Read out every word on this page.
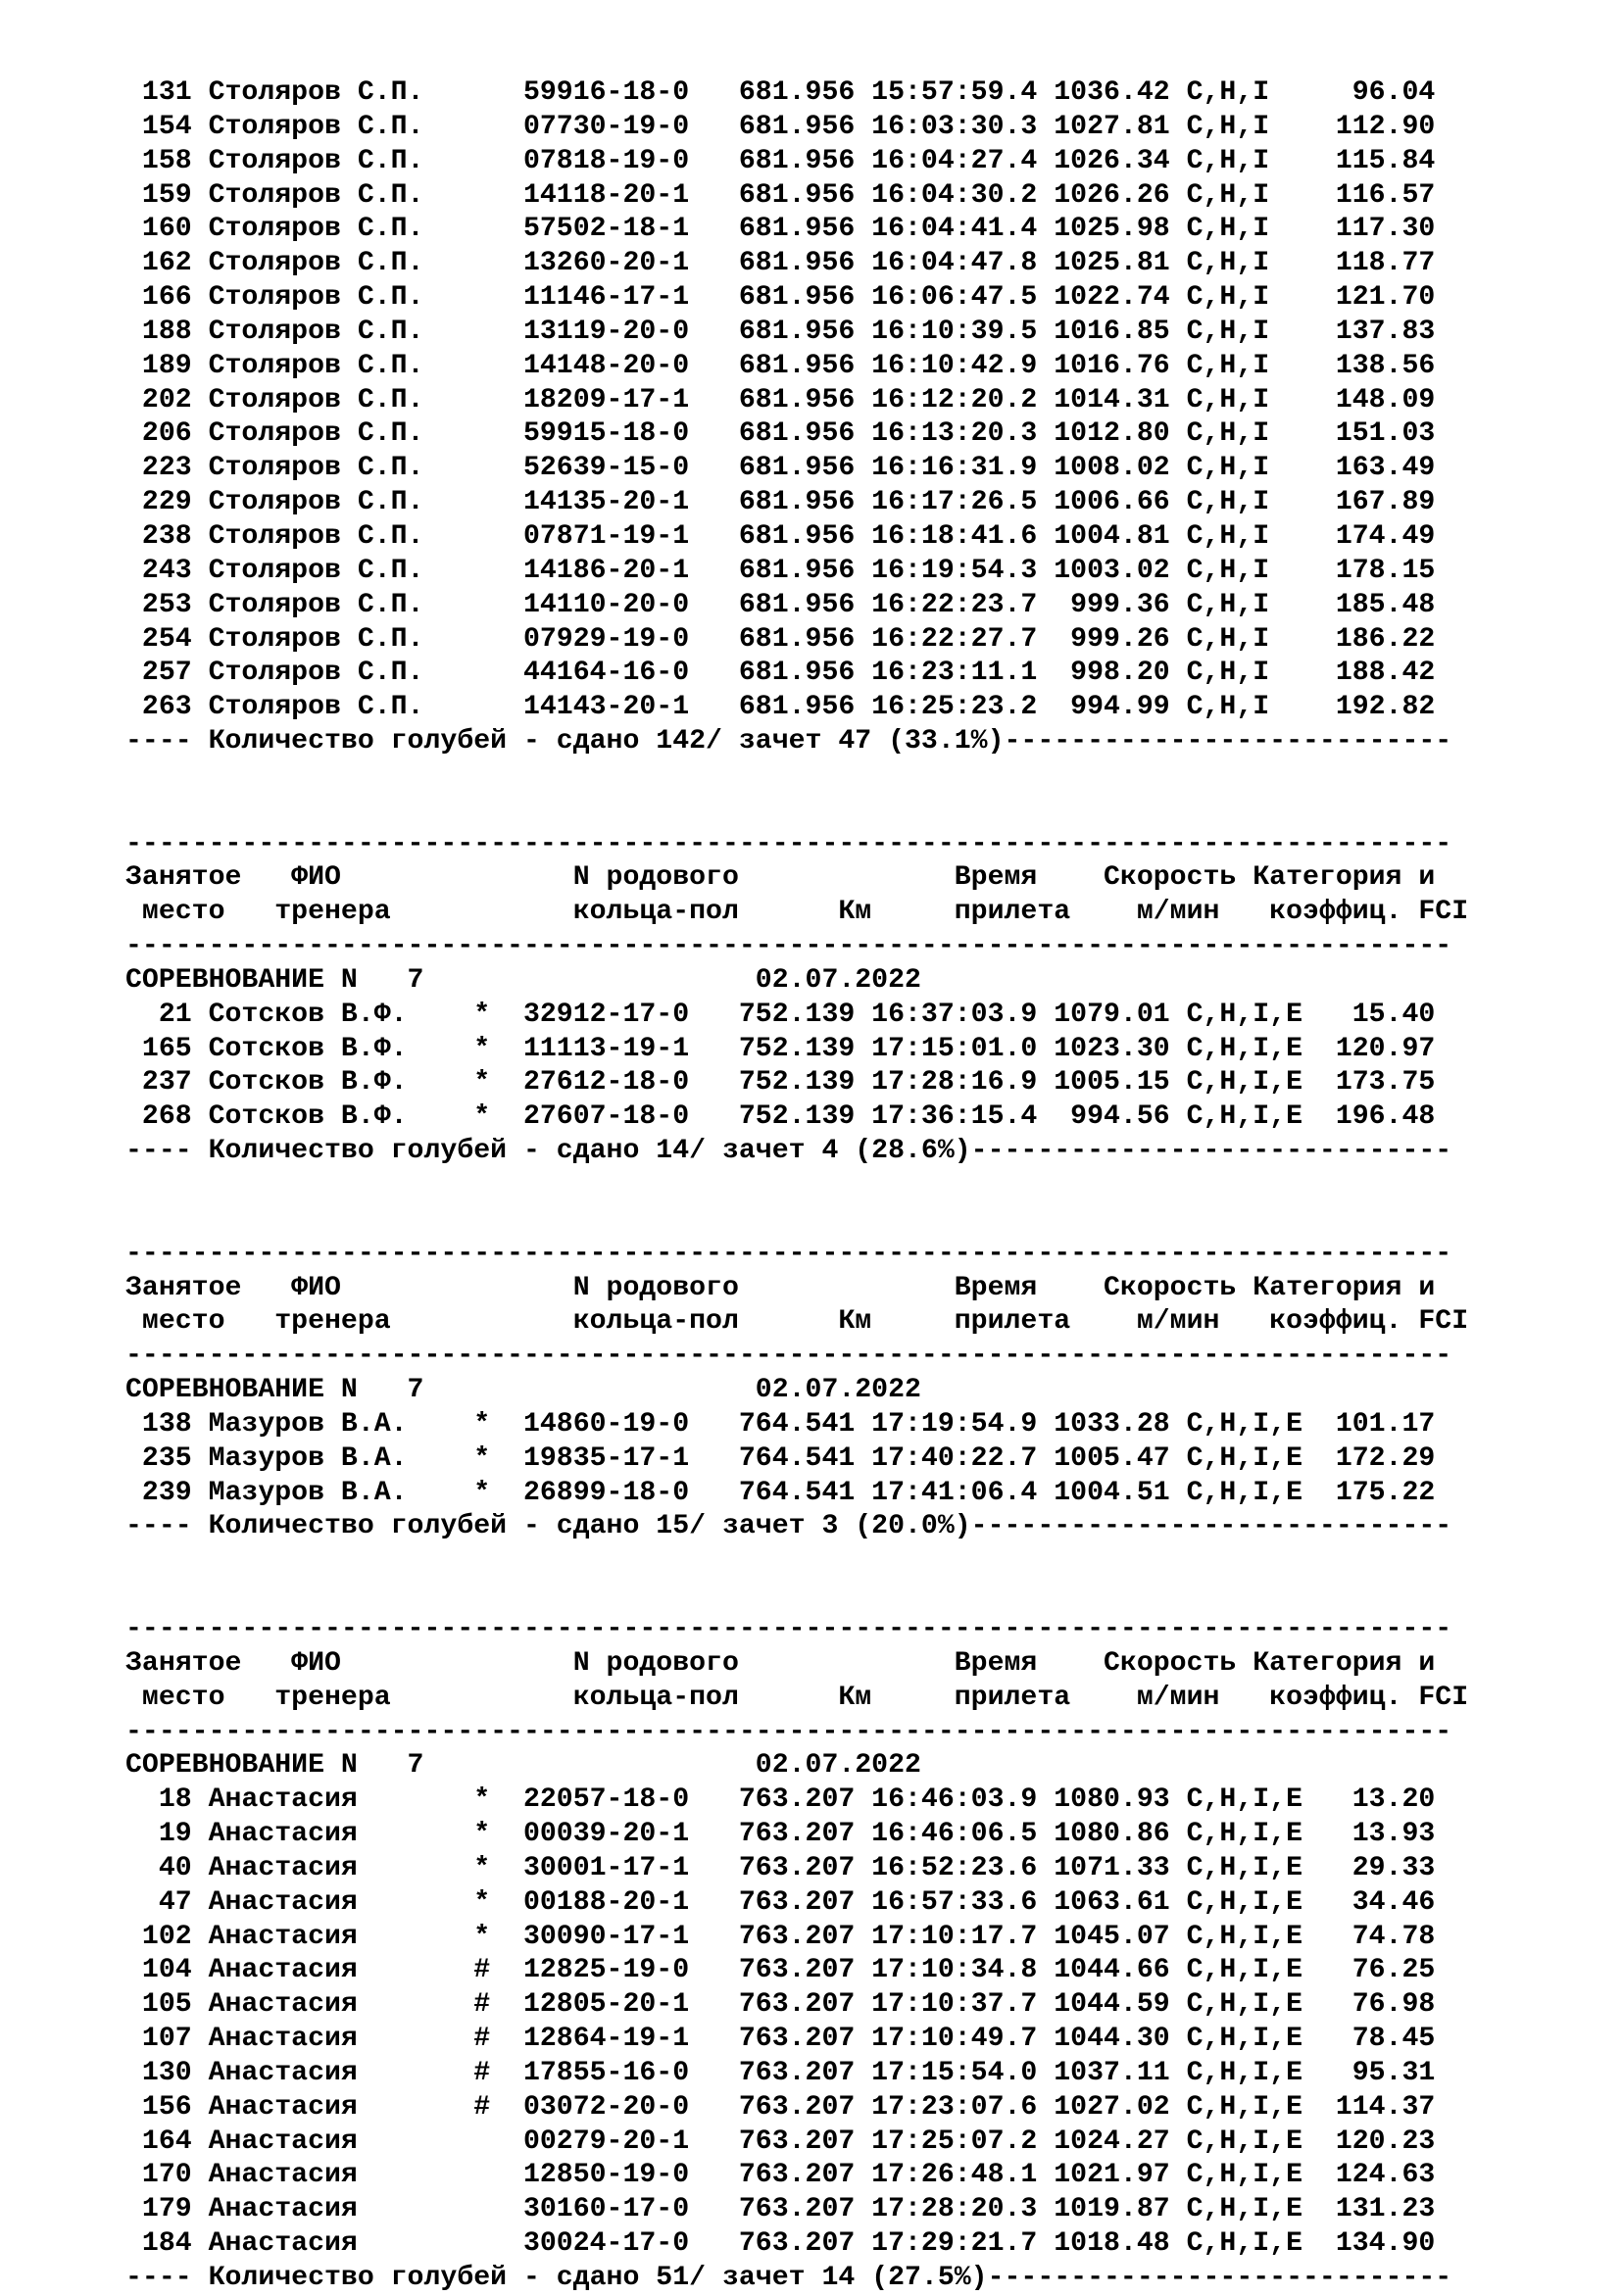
131 Столяров С.П.      59916-18-0   681.956 15:57:59.4 1036.42 C,H,I     96.04
154 Столяров С.П.      07730-19-0   681.956 16:03:30.3 1027.81 C,H,I    112.90
158 Столяров С.П.      07818-19-0   681.956 16:04:27.4 1026.34 C,H,I    115.84
159 Столяров С.П.      14118-20-1   681.956 16:04:30.2 1026.26 C,H,I    116.57
160 Столяров С.П.      57502-18-1   681.956 16:04:41.4 1025.98 C,H,I    117.30
162 Столяров С.П.      13260-20-1   681.956 16:04:47.8 1025.81 C,H,I    118.77
166 Столяров С.П.      11146-17-1   681.956 16:06:47.5 1022.74 C,H,I    121.70
188 Столяров С.П.      13119-20-0   681.956 16:10:39.5 1016.85 C,H,I    137.83
189 Столяров С.П.      14148-20-0   681.956 16:10:42.9 1016.76 C,H,I    138.56
202 Столяров С.П.      18209-17-1   681.956 16:12:20.2 1014.31 C,H,I    148.09
206 Столяров С.П.      59915-18-0   681.956 16:13:20.3 1012.80 C,H,I    151.03
223 Столяров С.П.      52639-15-0   681.956 16:16:31.9 1008.02 C,H,I    163.49
229 Столяров С.П.      14135-20-1   681.956 16:17:26.5 1006.66 C,H,I    167.89
238 Столяров С.П.      07871-19-1   681.956 16:18:41.6 1004.81 C,H,I    174.49
243 Столяров С.П.      14186-20-1   681.956 16:19:54.3 1003.02 C,H,I    178.15
253 Столяров С.П.      14110-20-0   681.956 16:22:23.7  999.36 C,H,I    185.48
254 Столяров С.П.      07929-19-0   681.956 16:22:27.7  999.26 C,H,I    186.22
257 Столяров С.П.      44164-16-0   681.956 16:23:11.1  998.20 C,H,I    188.42
263 Столяров С.П.      14143-20-1   681.956 16:25:23.2  994.99 C,H,I    192.82
---- Количество голубей - сдано 142/ зачет 47 (33.1%)---------------------------
--------------------------------------------------------------------------------
Занятое   ФИО              N родового             Время    Скорость Категория и
место   тренера           кольца-пол      Км     прилета    м/мин   коэффиц. FCI
--------------------------------------------------------------------------------
СОРЕВНОВАНИЕ N   7                    02.07.2022
21 Сотсков В.Ф.    *  32912-17-0   752.139 16:37:03.9 1079.01 C,H,I,E   15.40
165 Сотсков В.Ф.    *  11113-19-1   752.139 17:15:01.0 1023.30 C,H,I,E  120.97
237 Сотсков В.Ф.    *  27612-18-0   752.139 17:28:16.9 1005.15 C,H,I,E  173.75
268 Сотсков В.Ф.    *  27607-18-0   752.139 17:36:15.4  994.56 C,H,I,E  196.48
---- Количество голубей - сдано 14/ зачет 4 (28.6%)-----------------------------
--------------------------------------------------------------------------------
Занятое   ФИО              N родового             Время    Скорость Категория и
место   тренера           кольца-пол      Км     прилета    м/мин   коэффиц. FCI
--------------------------------------------------------------------------------
СОРЕВНОВАНИЕ N   7                    02.07.2022
138 Мазуров В.А.    *  14860-19-0   764.541 17:19:54.9 1033.28 C,H,I,E  101.17
235 Мазуров В.А.    *  19835-17-1   764.541 17:40:22.7 1005.47 C,H,I,E  172.29
239 Мазуров В.А.    *  26899-18-0   764.541 17:41:06.4 1004.51 C,H,I,E  175.22
---- Количество голубей - сдано 15/ зачет 3 (20.0%)-----------------------------
--------------------------------------------------------------------------------
Занятое   ФИО              N родового             Время    Скорость Категория и
место   тренера           кольца-пол      Км     прилета    м/мин   коэффиц. FCI
--------------------------------------------------------------------------------
СОРЕВНОВАНИЕ N   7                    02.07.2022
18 Анастасия       *  22057-18-0   763.207 16:46:03.9 1080.93 C,H,I,E   13.20
19 Анастасия       *  00039-20-1   763.207 16:46:06.5 1080.86 C,H,I,E   13.93
40 Анастасия       *  30001-17-1   763.207 16:52:23.6 1071.33 C,H,I,E   29.33
47 Анастасия       *  00188-20-1   763.207 16:57:33.6 1063.61 C,H,I,E   34.46
102 Анастасия       *  30090-17-1   763.207 17:10:17.7 1045.07 C,H,I,E   74.78
104 Анастасия       #  12825-19-0   763.207 17:10:34.8 1044.66 C,H,I,E   76.25
105 Анастасия       #  12805-20-1   763.207 17:10:37.7 1044.59 C,H,I,E   76.98
107 Анастасия       #  12864-19-1   763.207 17:10:49.7 1044.30 C,H,I,E   78.45
130 Анастасия       #  17855-16-0   763.207 17:15:54.0 1037.11 C,H,I,E   95.31
156 Анастасия       #  03072-20-0   763.207 17:23:07.6 1027.02 C,H,I,E  114.37
164 Анастасия          00279-20-1   763.207 17:25:07.2 1024.27 C,H,I,E  120.23
170 Анастасия          12850-19-0   763.207 17:26:48.1 1021.97 C,H,I,E  124.63
179 Анастасия          30160-17-0   763.207 17:28:20.3 1019.87 C,H,I,E  131.23
184 Анастасия          30024-17-0   763.207 17:29:21.7 1018.48 C,H,I,E  134.90
---- Количество голубей - сдано 51/ зачет 14 (27.5%)----------------------------
